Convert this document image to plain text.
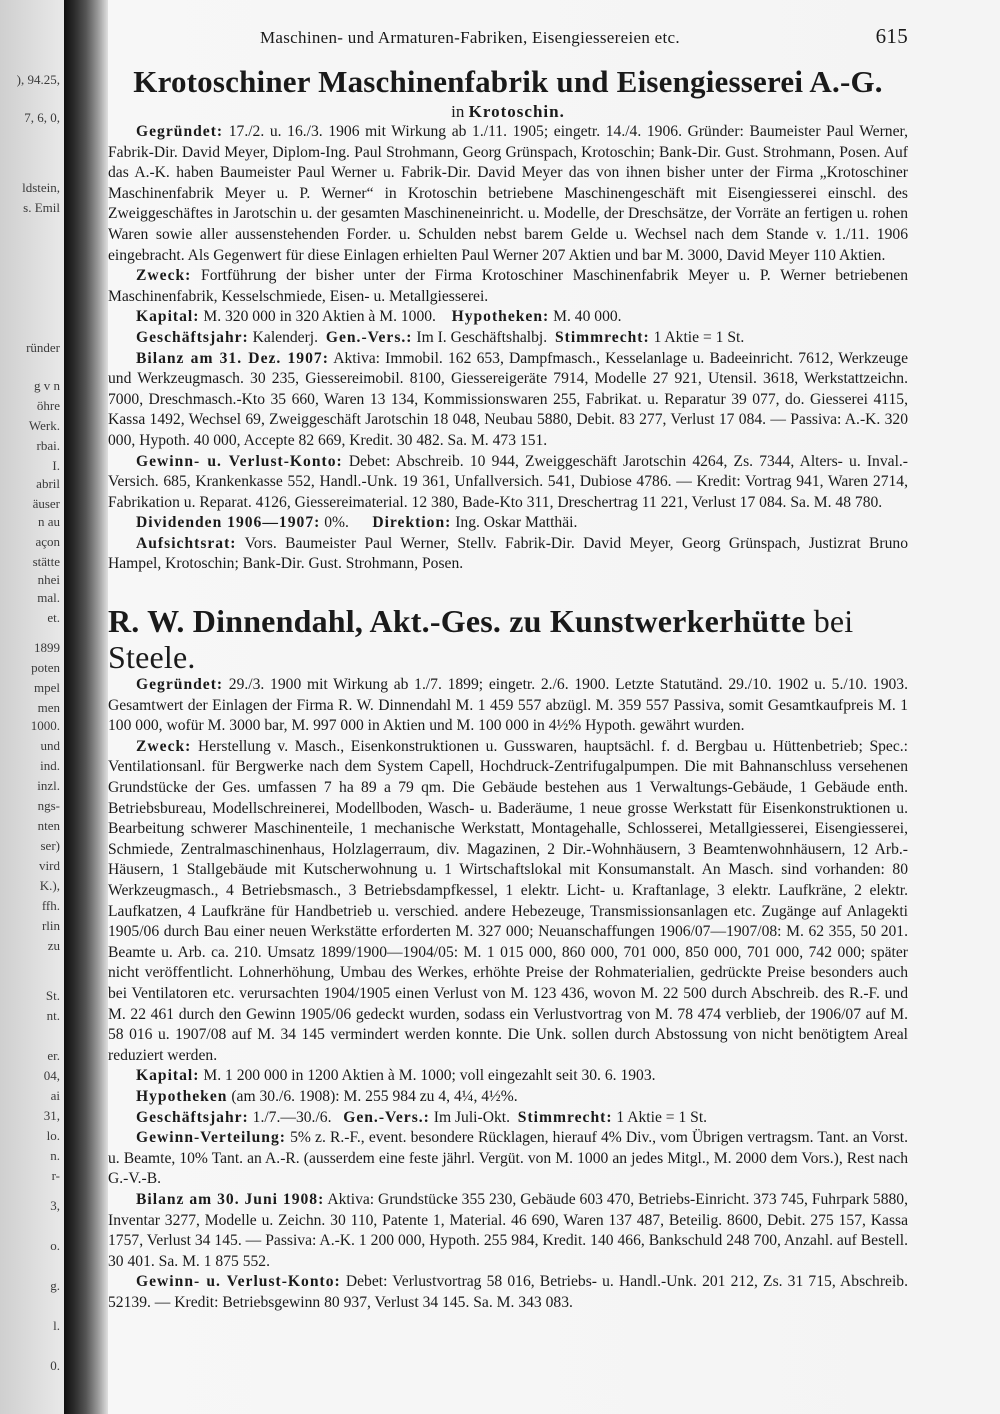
), 94.25,
7, 6, 0,
ldstein,
s. Emil
ründer
g v n
öhre
Werk.
rbai.
I.
abril
äuser
n au
açon
stätte
nhei
mal.
et.
1899
poten
mpel
men
1000.
und
ind.
inzl.
ngs-
nten
ser)
vird
K.),
ffh.
rlin
zu
St.
nt.
er.
04,
ai
31,
lo.
n.
r-
3,
o.
g.
l.
0.
Maschinen- und Armaturen-Fabriken, Eisengiessereien etc.	615
Krotoschiner Maschinenfabrik und Eisengiesserei A.-G.
in Krotoschin.

Gegründet: 17./2. u. 16./3. 1906 mit Wirkung ab 1./11. 1905; eingetr. 14./4. 1906. Gründer: Baumeister Paul Werner, Fabrik-Dir. David Meyer, Diplom-Ing. Paul Strohmann, Georg Grünspach, Krotoschin; Bank-Dir. Gust. Strohmann, Posen. Auf das A.-K. haben Baumeister Paul Werner u. Fabrik-Dir. David Meyer das von ihnen bisher unter der Firma „Krotoschiner Maschinenfabrik Meyer u. P. Werner“ in Krotoschin betriebene Maschinengeschäft mit Eisengiesserei einschl. des Zweiggeschäftes in Jarotschin u. der gesamten Maschineneinricht. u. Modelle, der Dreschsätze, der Vorräte an fertigen u. rohen Waren sowie aller aussenstehenden Forder. u. Schulden nebst barem Gelde u. Wechsel nach dem Stande v. 1./11. 1906 eingebracht. Als Gegenwert für diese Einlagen erhielten Paul Werner 207 Aktien und bar M. 3000, David Meyer 110 Aktien.

Zweck: Fortführung der bisher unter der Firma Krotoschiner Maschinenfabrik Meyer u. P. Werner betriebenen Maschinenfabrik, Kesselschmiede, Eisen- u. Metallgiesserei.

Kapital: M. 320 000 in 320 Aktien à M. 1000. Hypotheken: M. 40 000.

Geschäftsjahr: Kalenderj. Gen.-Vers.: Im I. Geschäftshalbj. Stimmrecht: 1 Aktie = 1 St.

Bilanz am 31. Dez. 1907: Aktiva: Immobil. 162 653, Dampfmasch., Kesselanlage u. Badeeinricht. 7612, Werkzeuge und Werkzeugmasch. 30 235, Giessereimobil. 8100, Giessereigeräte 7914, Modelle 27 921, Utensil. 3618, Werkstattzeichn. 7000, Dreschmasch.-Kto 35 660, Waren 13 134, Kommissionswaren 255, Fabrikat. u. Reparatur 39 077, do. Giesserei 4115, Kassa 1492, Wechsel 69, Zweiggeschäft Jarotschin 18 048, Neubau 5880, Debit. 83 277, Verlust 17 084. — Passiva: A.-K. 320 000, Hypoth. 40 000, Accepte 82 669, Kredit. 30 482. Sa. M. 473 151.

Gewinn- u. Verlust-Konto: Debet: Abschreib. 10 944, Zweiggeschäft Jarotschin 4264, Zs. 7344, Alters- u. Inval.-Versich. 685, Krankenkasse 552, Handl.-Unk. 19 361, Unfallversich. 541, Dubiose 4786. — Kredit: Vortrag 941, Waren 2714, Fabrikation u. Reparat. 4126, Giessereimaterial. 12 380, Bade-Kto 311, Dreschertrag 11 221, Verlust 17 084. Sa. M. 48 780.

Dividenden 1906—1907: 0%. Direktion: Ing. Oskar Matthäi.

Aufsichtsrat: Vors. Baumeister Paul Werner, Stellv. Fabrik-Dir. David Meyer, Georg Grünspach, Justizrat Bruno Hampel, Krotoschin; Bank-Dir. Gust. Strohmann, Posen.

R. W. Dinnendahl, Akt.-Ges. zu Kunstwerkerhütte bei Steele.

Gegründet: 29./3. 1900 mit Wirkung ab 1./7. 1899; eingetr. 2./6. 1900. Letzte Statutänd. 29./10. 1902 u. 5./10. 1903. Gesamtwert der Einlagen der Firma R. W. Dinnendahl M. 1 459 557 abzügl. M. 359 557 Passiva, somit Gesamtkaufpreis M. 1 100 000, wofür M. 3000 bar, M. 997 000 in Aktien und M. 100 000 in 4½% Hypoth. gewährt wurden.

Zweck: Herstellung v. Masch., Eisenkonstruktionen u. Gusswaren, hauptsächl. f. d. Bergbau u. Hüttenbetrieb; Spec.: Ventilationsanl. für Bergwerke nach dem System Capell, Hochdruck-Zentrifugalpumpen. Die mit Bahnanschluss versehenen Grundstücke der Ges. umfassen 7 ha 89 a 79 qm. Die Gebäude bestehen aus 1 Verwaltungs-Gebäude, 1 Gebäude enth. Betriebsbureau, Modellschreinerei, Modellboden, Wasch- u. Baderäume, 1 neue grosse Werkstatt für Eisenkonstruktionen u. Bearbeitung schwerer Maschinenteile, 1 mechanische Werkstatt, Montagehalle, Schlosserei, Metallgiesserei, Eisengiesserei, Schmiede, Zentralmaschinenhaus, Holzlagerraum, div. Magazinen, 2 Dir.-Wohnhäusern, 3 Beamtenwohnhäusern, 12 Arb.-Häusern, 1 Stallgebäude mit Kutscherwohnung u. 1 Wirtschaftslokal mit Konsumanstalt. An Masch. sind vorhanden: 80 Werkzeugmasch., 4 Betriebsmasch., 3 Betriebsdampfkessel, 1 elektr. Licht- u. Kraftanlage, 3 elektr. Laufkräne, 2 elektr. Laufkatzen, 4 Laufkräne für Handbetrieb u. verschied. andere Hebezeuge, Transmissionsanlagen etc. Zugänge auf Anlagekti 1905/06 durch Bau einer neuen Werkstätte erforderten M. 327 000; Neuanschaffungen 1906/07—1907/08: M. 62 355, 50 201. Beamte u. Arb. ca. 210. Umsatz 1899/1900—1904/05: M. 1 015 000, 860 000, 701 000, 850 000, 701 000, 742 000; später nicht veröffentlicht. Lohnerhöhung, Umbau des Werkes, erhöhte Preise der Rohmaterialien, gedrückte Preise besonders auch bei Ventilatoren etc. verursachten 1904/1905 einen Verlust von M. 123 436, wovon M. 22 500 durch Abschreib. des R.-F. und M. 22 461 durch den Gewinn 1905/06 gedeckt wurden, sodass ein Verlustvortrag von M. 78 474 verblieb, der 1906/07 auf M. 58 016 u. 1907/08 auf M. 34 145 vermindert werden konnte. Die Unk. sollen durch Abstossung von nicht benötigtem Areal reduziert werden.

Kapital: M. 1 200 000 in 1200 Aktien à M. 1000; voll eingezahlt seit 30. 6. 1903.

Hypotheken (am 30./6. 1908): M. 255 984 zu 4, 4¼, 4½%.

Geschäftsjahr: 1./7.—30./6. Gen.-Vers.: Im Juli-Okt. Stimmrecht: 1 Aktie = 1 St.

Gewinn-Verteilung: 5% z. R.-F., event. besondere Rücklagen, hierauf 4% Div., vom Übrigen vertragsm. Tant. an Vorst. u. Beamte, 10% Tant. an A.-R. (ausserdem eine feste jährl. Vergüt. von M. 1000 an jedes Mitgl., M. 2000 dem Vors.), Rest nach G.-V.-B.

Bilanz am 30. Juni 1908: Aktiva: Grundstücke 355 230, Gebäude 603 470, Betriebs-Einricht. 373 745, Fuhrpark 5880, Inventar 3277, Modelle u. Zeichn. 30 110, Patente 1, Material. 46 690, Waren 137 487, Beteilig. 8600, Debit. 275 157, Kassa 1757, Verlust 34 145. — Passiva: A.-K. 1 200 000, Hypoth. 255 984, Kredit. 140 466, Bankschuld 248 700, Anzahl. auf Bestell. 30 401. Sa. M. 1 875 552.

Gewinn- u. Verlust-Konto: Debet: Verlustvortrag 58 016, Betriebs- u. Handl.-Unk. 201 212, Zs. 31 715, Abschreib. 52139. — Kredit: Betriebsgewinn 80 937, Verlust 34 145. Sa. M. 343 083.
